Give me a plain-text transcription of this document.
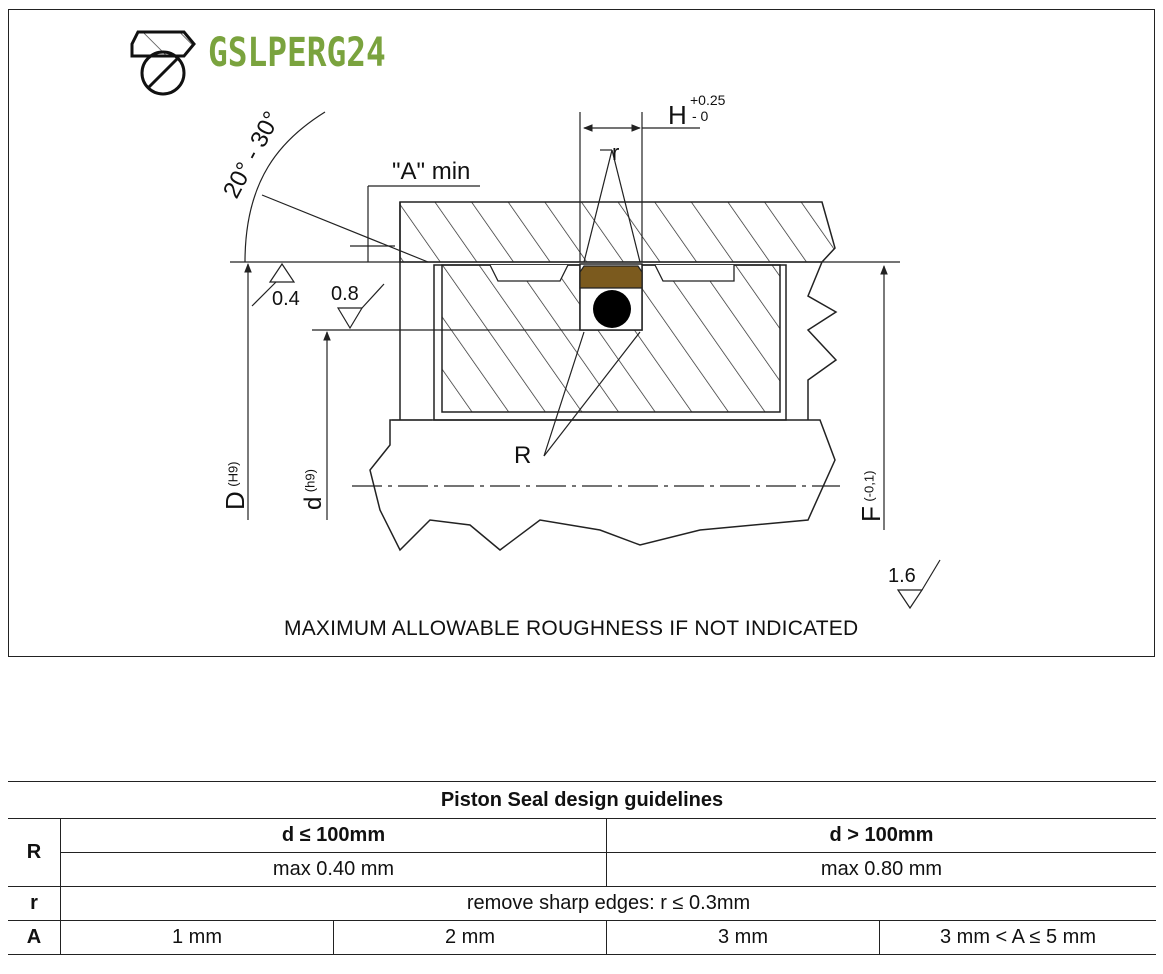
GSLPERG24
20° - 30°	"A" min
H +0.25
- 0
r
R
0.4 0.8
1.6
D $^{(H9)}$
d $^{(h9)}$
F $^{(-0,1)}$
MAXIMUM ALLOWABLE ROUGHNESS IF NOT INDICATED
Piston Seal design guidelines				
R	d ≤ 100mm		d > 100mm	
	max 0.40 mm		max 0.80 mm	
r	remove sharp edges: r ≤ 0.3mm			
A	1 mm	2 mm	3 mm	3 mm < A ≤ 5 mm
